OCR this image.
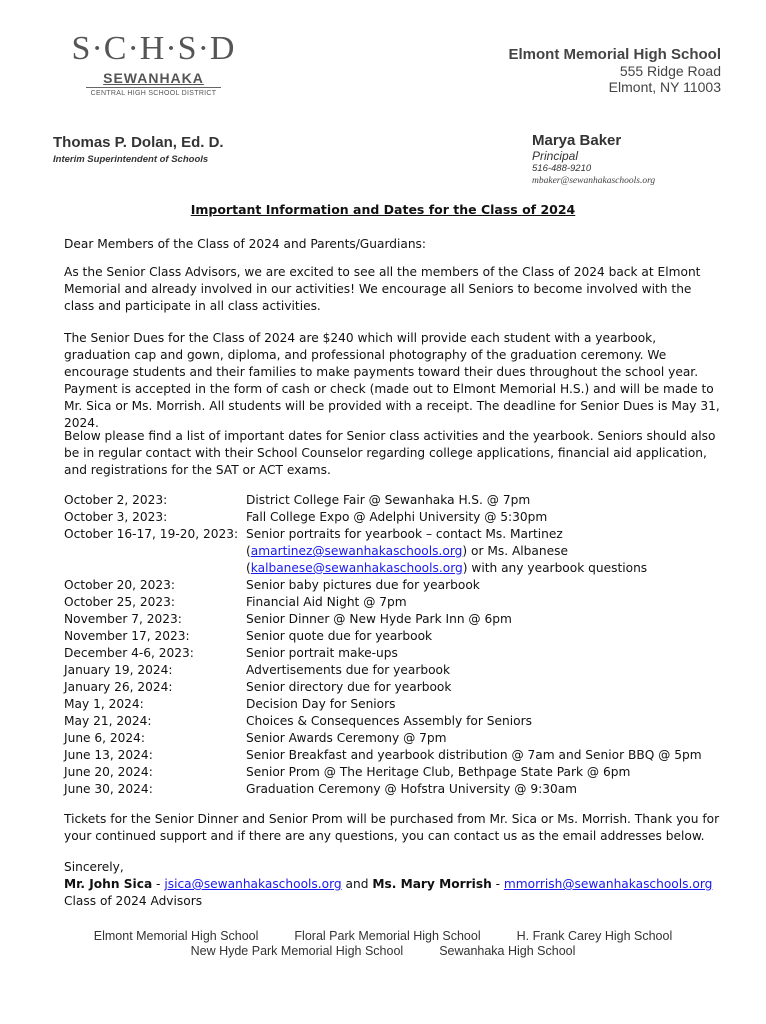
S·C·H·S·D
SEWANHAKA
CENTRAL HIGH SCHOOL DISTRICT
Elmont Memorial High School
555 Ridge Road
Elmont, NY 11003
Thomas P. Dolan, Ed. D.
Interim Superintendent of Schools
Marya Baker
Principal
516-488-9210
mbaker@sewanhakaschools.org
Important Information and Dates for the Class of 2024

Dear Members of the Class of 2024 and Parents/Guardians:

As the Senior Class Advisors, we are excited to see all the members of the Class of 2024 back at Elmont Memorial and already involved in our activities! We encourage all Seniors to become involved with the class and participate in all class activities.

The Senior Dues for the Class of 2024 are $240 which will provide each student with a yearbook, graduation cap and gown, diploma, and professional photography of the graduation ceremony. We encourage students and their families to make payments toward their dues throughout the school year. Payment is accepted in the form of cash or check (made out to Elmont Memorial H.S.) and will be made to Mr. Sica or Ms. Morrish. All students will be provided with a receipt. The deadline for Senior Dues is May 31, 2024.

Below please find a list of important dates for Senior class activities and the yearbook. Seniors should also be in regular contact with their School Counselor regarding college applications, financial aid application, and registrations for the SAT or ACT exams.

October 2, 2023:	District College Fair @ Sewanhaka H.S. @ 7pm
October 3, 2023:	Fall College Expo @ Adelphi University @ 5:30pm
October 16-17, 19-20, 2023: Senior portraits for yearbook – contact Ms. Martinez
(amartinez@sewanhakaschools.org) or Ms. Albanese
(kalbanese@sewanhakaschools.org) with any yearbook questions
October 20, 2023:	Senior baby pictures due for yearbook
October 25, 2023:	Financial Aid Night @ 7pm
November 7, 2023:	Senior Dinner @ New Hyde Park Inn @ 6pm
November 17, 2023:	Senior quote due for yearbook
December 4-6, 2023:	Senior portrait make-ups
January 19, 2024:	Advertisements due for yearbook
January 26, 2024:	Senior directory due for yearbook
May 1, 2024:	Decision Day for Seniors
May 21, 2024:	Choices & Consequences Assembly for Seniors
June 6, 2024:	Senior Awards Ceremony @ 7pm
June 13, 2024:	Senior Breakfast and yearbook distribution @ 7am and Senior BBQ @ 5pm
June 20, 2024:	Senior Prom @ The Heritage Club, Bethpage State Park @ 6pm
June 30, 2024:	Graduation Ceremony @ Hofstra University @ 9:30am

Tickets for the Senior Dinner and Senior Prom will be purchased from Mr. Sica or Ms. Morrish. Thank you for your continued support and if there are any questions, you can contact us as the email addresses below.

Sincerely,

Mr. John Sica - jsica@sewanhakaschools.org and Ms. Mary Morrish - mmorrish@sewanhakaschools.org

Class of 2024 Advisors

Elmont Memorial High School	Floral Park Memorial High School	H. Frank Carey High School
New Hyde Park Memorial High School	Sewanhaka High School
